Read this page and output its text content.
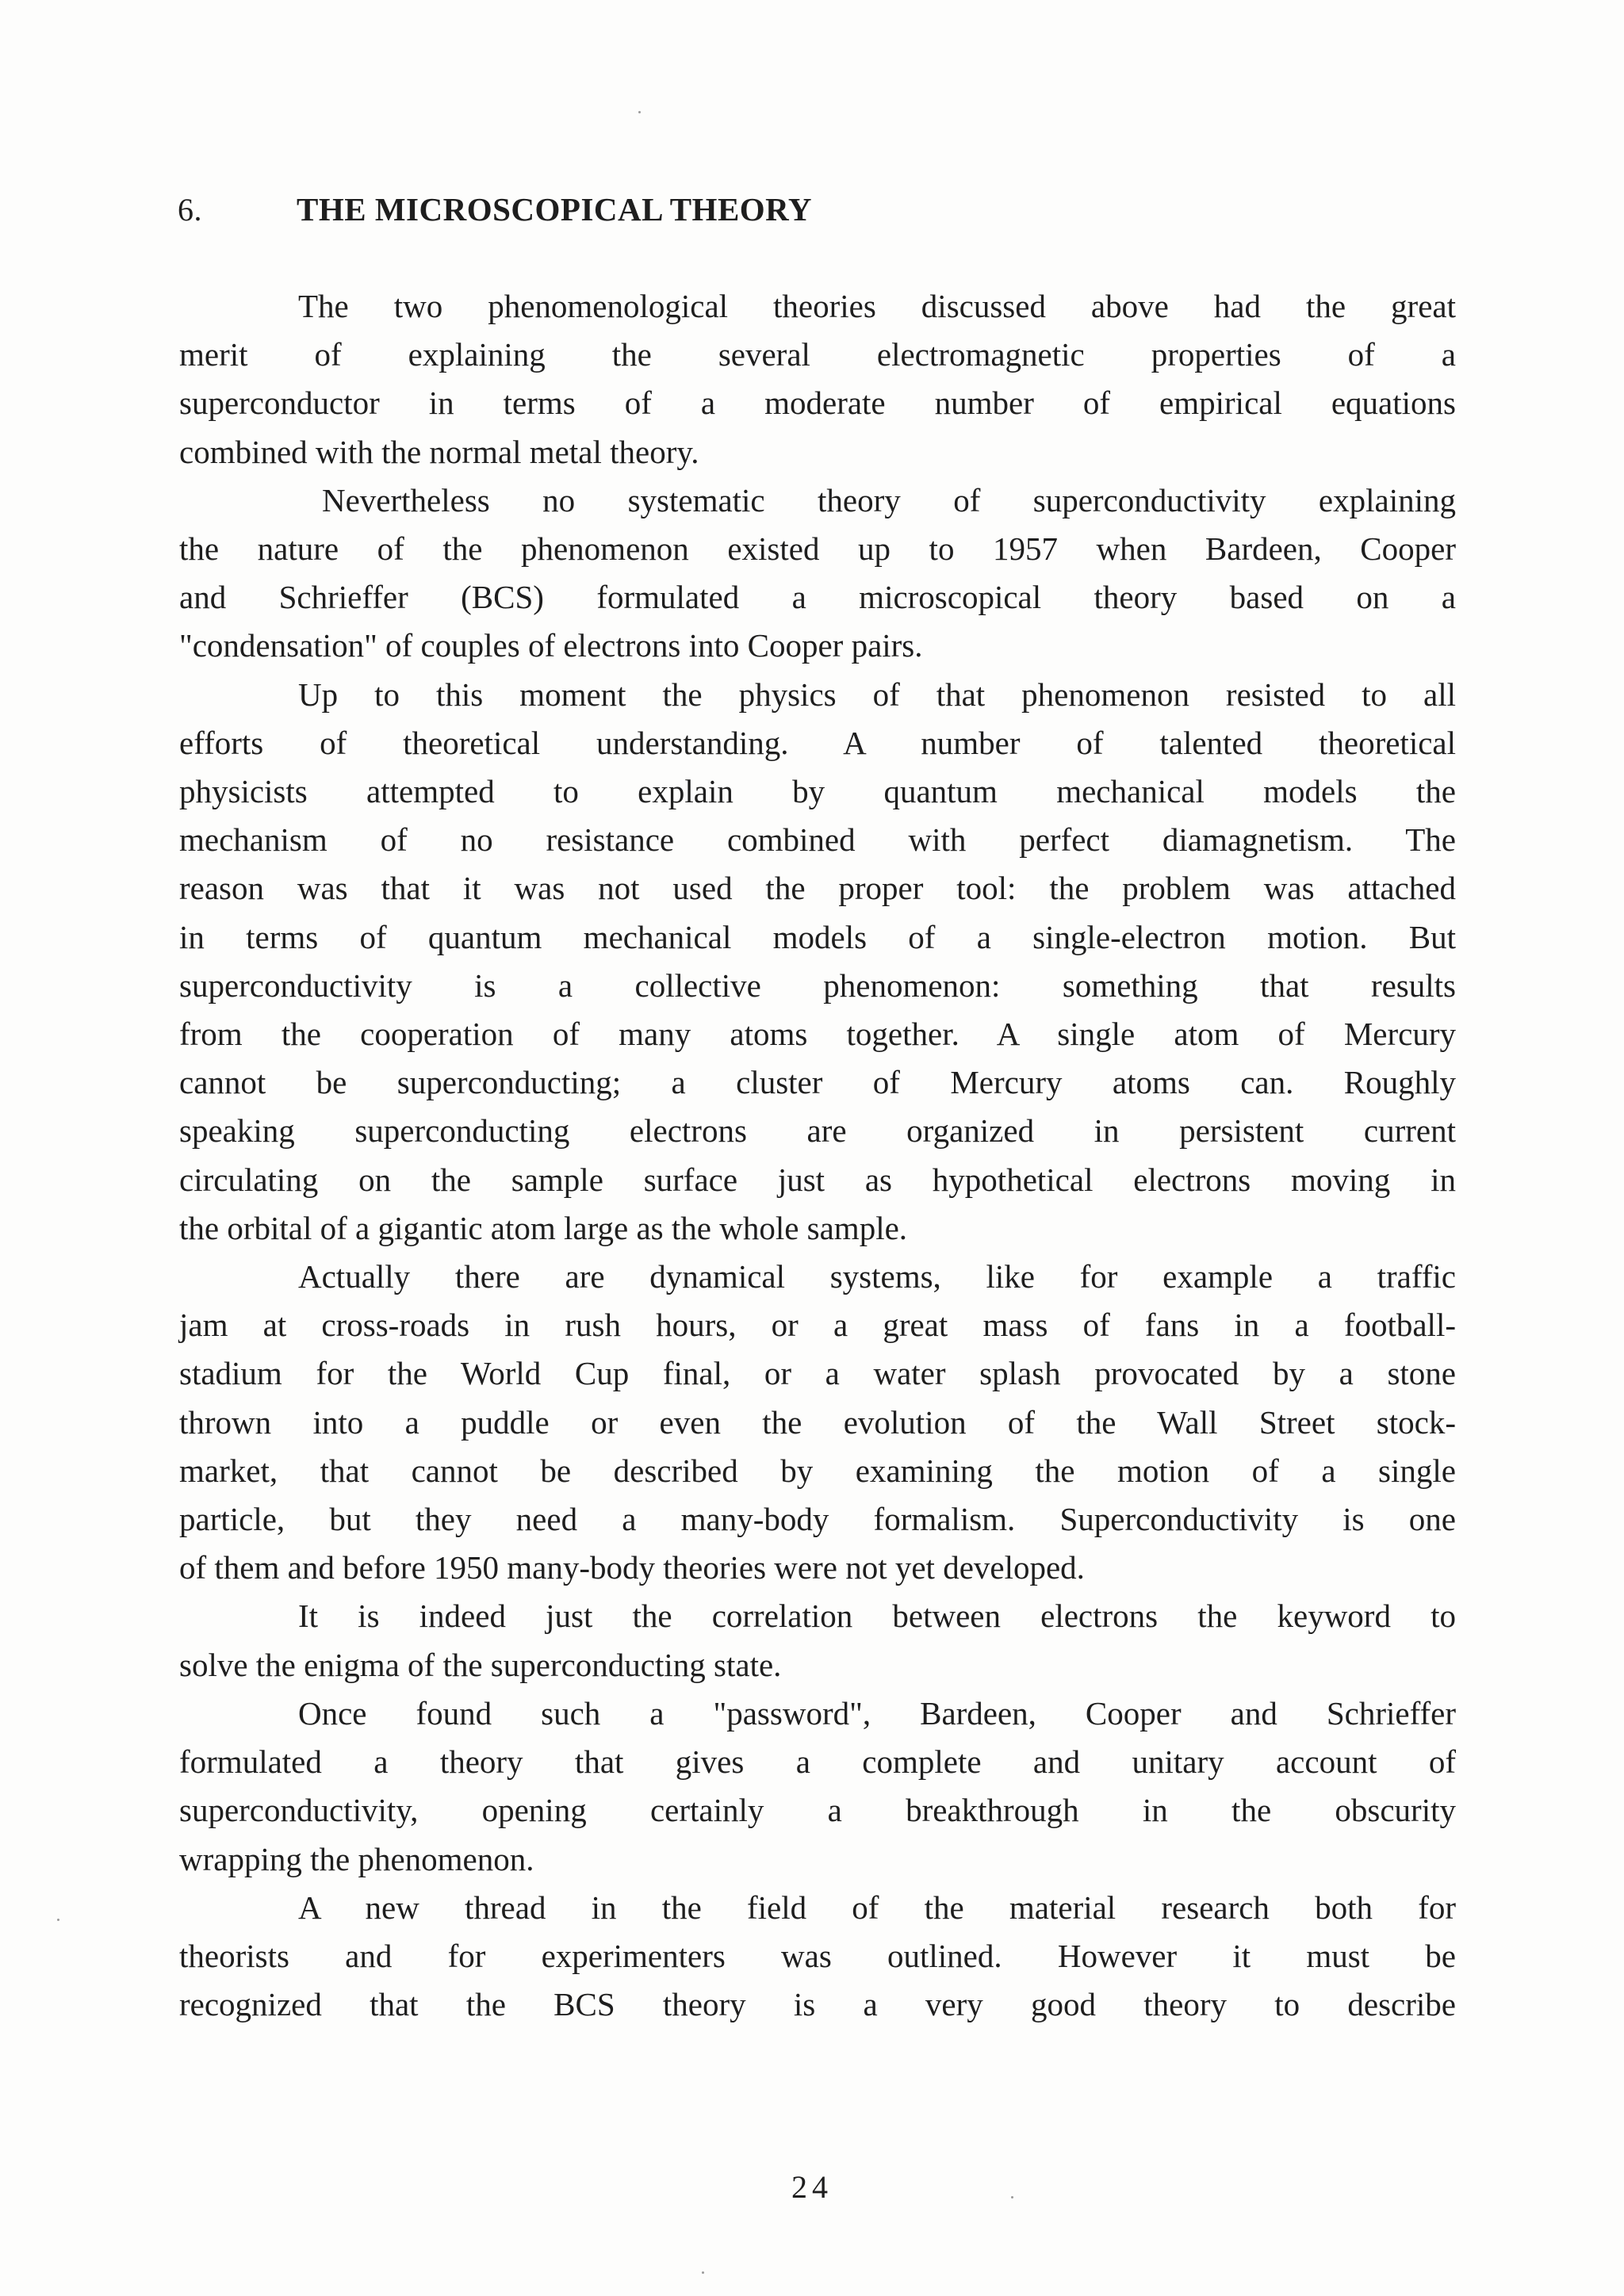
6.	THE MICROSCOPICAL THEORY
The two phenomenological theories discussed above had the great
merit of explaining the several electromagnetic properties of a
superconductor in terms of a moderate number of empirical equations
combined with the normal metal theory.
Nevertheless no systematic theory of superconductivity explaining
the nature of the phenomenon existed up to 1957 when Bardeen, Cooper
and Schrieffer (BCS) formulated a microscopical theory based on a
"condensation" of couples of electrons into Cooper pairs.
Up to this moment the physics of that phenomenon resisted to all
efforts of theoretical understanding. A number of talented theoretical
physicists attempted to explain by quantum mechanical models the
mechanism of no resistance combined with perfect diamagnetism. The
reason was that it was not used the proper tool: the problem was attached
in terms of quantum mechanical models of a single-electron motion. But
superconductivity is a collective phenomenon: something that results
from the cooperation of many atoms together. A single atom of Mercury
cannot be superconducting; a cluster of Mercury atoms can. Roughly
speaking superconducting electrons are organized in persistent current
circulating on the sample surface just as hypothetical electrons moving in
the orbital of a gigantic atom large as the whole sample.
Actually there are dynamical systems, like for example a traffic
jam at cross-roads in rush hours, or a great mass of fans in a football-
stadium for the World Cup final, or a water splash provocated by a stone
thrown into a puddle or even the evolution of the Wall Street stock-
market, that cannot be described by examining the motion of a single
particle, but they need a many-body formalism. Superconductivity is one
of them and before 1950 many-body theories were not yet developed.
It is indeed just the correlation between electrons the keyword to
solve the enigma of the superconducting state.
Once found such a "password", Bardeen, Cooper and Schrieffer
formulated a theory that gives a complete and unitary account of
superconductivity, opening certainly a breakthrough in the obscurity
wrapping the phenomenon.
A new thread in the field of the material research both for
theorists and for experimenters was outlined. However it must be
recognized that the BCS theory is a very good theory to describe
24
